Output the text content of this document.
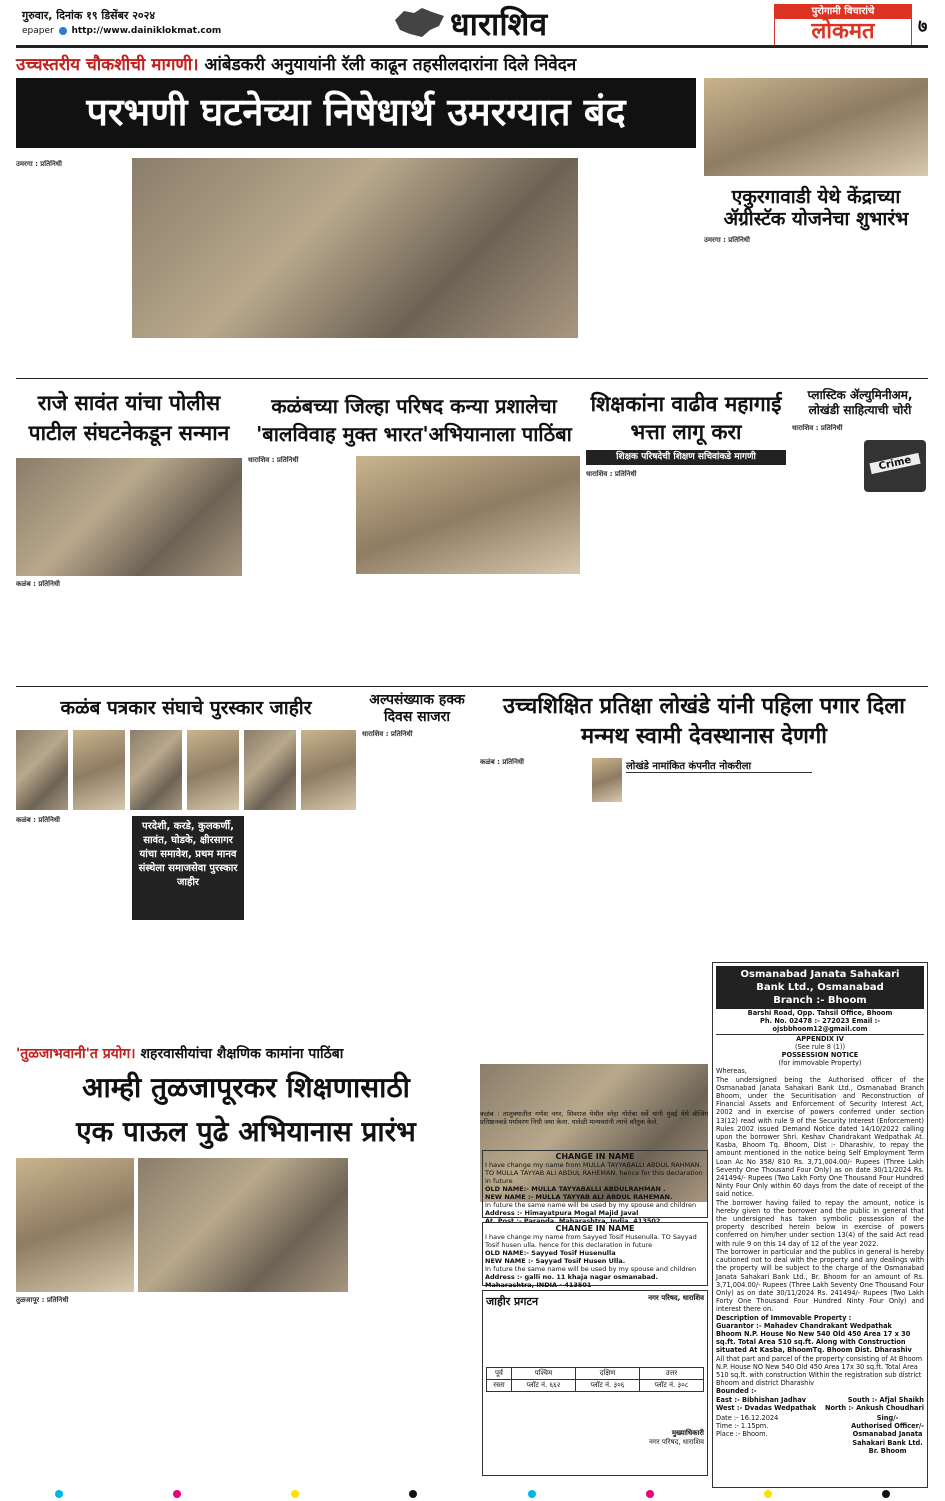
गुरुवार, दिनांक १९ डिसेंबर २०२४
epaper http://www.dainiklokmat.com	धाराशिव	पुरोगामी विचारांचे
लोकमत	७
उच्चस्तरीय चौकशीची मागणी। आंबेडकरी अनुयायांनी रॅली काढून तहसीलदारांना दिले निवेदन
परभणी घटनेच्या निषेधार्थ उमरग्यात बंद
उमरगा : प्रतिनिधी
एकुरगावाडी येथे केंद्राच्या ॲग्रीस्टॅक योजनेचा शुभारंभ
उमरगा : प्रतिनिधी
राजे सावंत यांचा पोलीस पाटील संघटनेकडून सन्मान
कळंब : प्रतिनिधी
कळंबच्या जिल्हा परिषद कन्या प्रशालेचा
'बालविवाह मुक्त भारत'अभियानाला पाठिंबा
धाराशिव : प्रतिनिधी
शिक्षकांना वाढीव महागाई भत्ता लागू करा
शिक्षक परिषदेची शिक्षण सचिवांकडे मागणी
धाराशिव : प्रतिनिधी
प्लास्टिक ॲल्युमिनीअम, लोखंडी साहित्याची चोरी
धाराशिव : प्रतिनिधी
Crime
कळंब पत्रकार संघाचे पुरस्कार जाहीर
कळंब : प्रतिनिधी
परदेशी, करडे, कुलकर्णी, सावंत, घोडके, क्षीरसागर यांचा समावेश, प्रथम मानव संस्थेला समाजसेवा पुरस्कार जाहीर
अल्पसंख्याक हक्क दिवस साजरा
धाराशिव : प्रतिनिधी
उच्चशिक्षित प्रतिक्षा लोखंडे यांनी पहिला पगार दिला मन्मथ स्वामी देवस्थानास देणगी
कळंब : प्रतिनिधी	लोखंडे नामांकित कंपनीत नोकरीला
कळंब : तालुक्यातील गणेश नगर, शिवराज येथील स्नेहा गोरोबा सर्वे यांनी मुंबई येथे बीजिंग प्रतिष्ठानकडे पर्यावरण निधी जमा केला. यावेळी मान्यवरांनी त्यांचे कौतुक केले.
'तुळजाभवानी'त प्रयोग। शहरवासीयांचा शैक्षणिक कामांना पाठिंबा
आम्ही तुळजापूरकर शिक्षणासाठी
एक पाऊल पुढे अभियानास प्रारंभ
तुळजापूर : प्रतिनिधी
CHANGE IN NAME
I have change my name from MULLA TAYYABALLI ABDUL RAHMAN. TO MULLA TAYYAB ALI ABDUL RAHEMAN. hence for this declaration in future
OLD NAME:- MULLA TAYYABALLI ABDULRAHMAN .
NEW NAME :- MULLA TAYYAB ALI ABDUL RAHEMAN.
In future the same name will be used by my spouse and children
Address :- Himayatpura Mogal Majid Javal
At. Post :- Paranda. Maharashtra, India. 413502
CHANGE IN NAME
I have change my name from Sayyed Tosif Husenulla. TO Sayyad Tosif husen ulla. hence for this declaration in future
OLD NAME:- Sayyed Tosif Husenulla
NEW NAME :- Sayyad Tosif Husen Ulla.
In future the same name will be used by my spouse and children
Address :- galli no. 11 khaja nagar osmanabad.
Maharashtra, INDIA - 413501
जाहीर प्रगटन	नगर परिषद, धाराशिव
पूर्व	पश्चिम	दक्षिण	उत्तर
रस्ता	प्लॉट नं. ६६२	प्लॉट नं. ३०६	प्लॉट नं. ३०८
मुख्याधिकारी
नगर परिषद, धाराशिव
Osmanabad Janata Sahakari
Bank Ltd., Osmanabad
Branch :- Bhoom
Barshi Road, Opp. Tahsil Office, Bhoom
Ph. No. 02478 :- 272023 Email :- ojsbbhoom12@gmail.com
APPENDIX IV
(See rule 8 (1))
POSSESSION NOTICE
(for immovable Property)
Whereas,
The undersigned being the Authorised officer of the Osmanabad Janata Sahakari Bank Ltd., Osmanabad Branch Bhoom, under the Securitisation and Reconstruction of Financial Assets and Enforcement of Security Interest Act, 2002 and in exercise of powers conferred under section 13(12) read with rule 9 of the Security Interest (Enforcement) Rules 2002 issued Demand Notice dated 14/10/2022 calling upon the borrower Shri. Keshav Chandrakant Wedpathak At. Kasba, Bhoom Tq. Bhoom, Dist :- Dharashiv, to repay the amount mentioned in the notice being Self Employment Term Loan Ac No 358/ 810 Rs. 3,71,004.00/- Rupees (Three Lakh Seventy One Thousand Four Only) as on date 30/11/2024 Rs. 241494/- Rupees (Two Lakh Forty One Thousand Four Hundred Ninty Four Only within 60 days from the date of receipt of the said notice.
The borrower having failed to repay the amount, notice is hereby given to the borrower and the public in general that the undersigned has taken symbolic possession of the property described herein below in exercise of powers conferred on him/her under section 13(4) of the said Act read with rule 9 on this 14 day of 12 of the year 2022.
The borrower in particular and the publics in general is hereby cautioned not to deal with the property and any dealings with the property will be subject to the charge of the Osmanabad Janata Sahakari Bank Ltd., Br. Bhoom for an amount of Rs. 3,71,004.00/- Rupees (Three Lakh Seventy One Thousand Four Only) as on date 30/11/2024 Rs. 241494/- Rupees (Two Lakh Forty One Thousand Four Hundred Ninty Four Only) and interest there on.
Description of Immovable Property :
Guarantor :- Mahadev Chandrakant Wedpathak
Bhoom N.P. House No New 540 Old 450 Area 17 x 30 sq.ft. Total Area 510 sq.ft. Along with Construction situated At Kasba, BhoomTq. Bhoom Dist. Dharashiv
All that part and parcel of the property consisting of At Bhoom N.P. House NO New 540 Old 450 Area 17x 30 sq.ft. Total Area 510 sq.ft. with construction Within the registration sub district Bhoom and district Dharashiv
Bounded :-
East :- Bibhishan Jadhav	South :- Afjal Shaikh
West :- Dvadas Wedpathak North :- Ankush Choudhari
Date :- 16.12.2024
Time :- 1.15pm.
Place :- Bhoom.
Sing/-
Authorised Officer/-
Osmanabad Janata
Sahakari Bank Ltd.
Br. Bhoom
